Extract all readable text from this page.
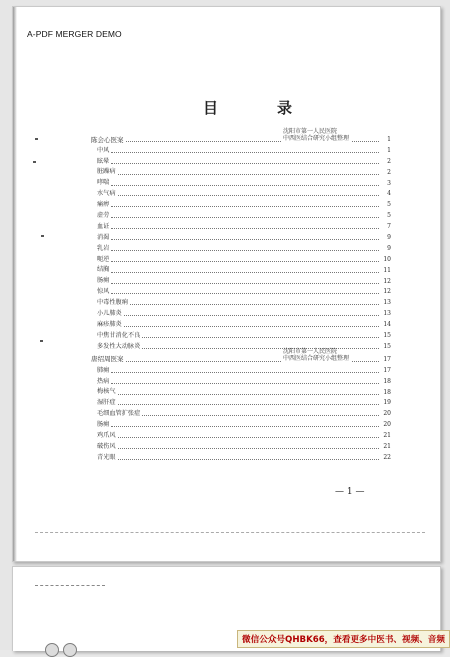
A-PDF MERGER DEMO
目　录
陈会心医案	1
沈阳市第一人民医院
中西医结合研究小组整理
中风	1
眩晕	2
脏躁病	2
哮喘	3
水气病	4
痛痹	5
虚劳	5
血证	7
消渴	9
乳岩	9
呃逆	10
结胸	11
肠痈	12
惊风	12
中毒性腹痢	13
小儿肺炎	13
麻疹肺炎	14
中焦甘消化不良	15
多发性大动脉炎	15
唐绍周医案	17
沈阳市第一人民医院
中西医结合研究小组整理
肺痈	17
热病	18
梅核气	18
湿肝症	19
毛细血管扩张症	20
肠痈	20
鸡爪风	21
破伤风	21
青光眼	22
— 1 —
微信公众号QHBK66，查看更多中医书、视频、音频
